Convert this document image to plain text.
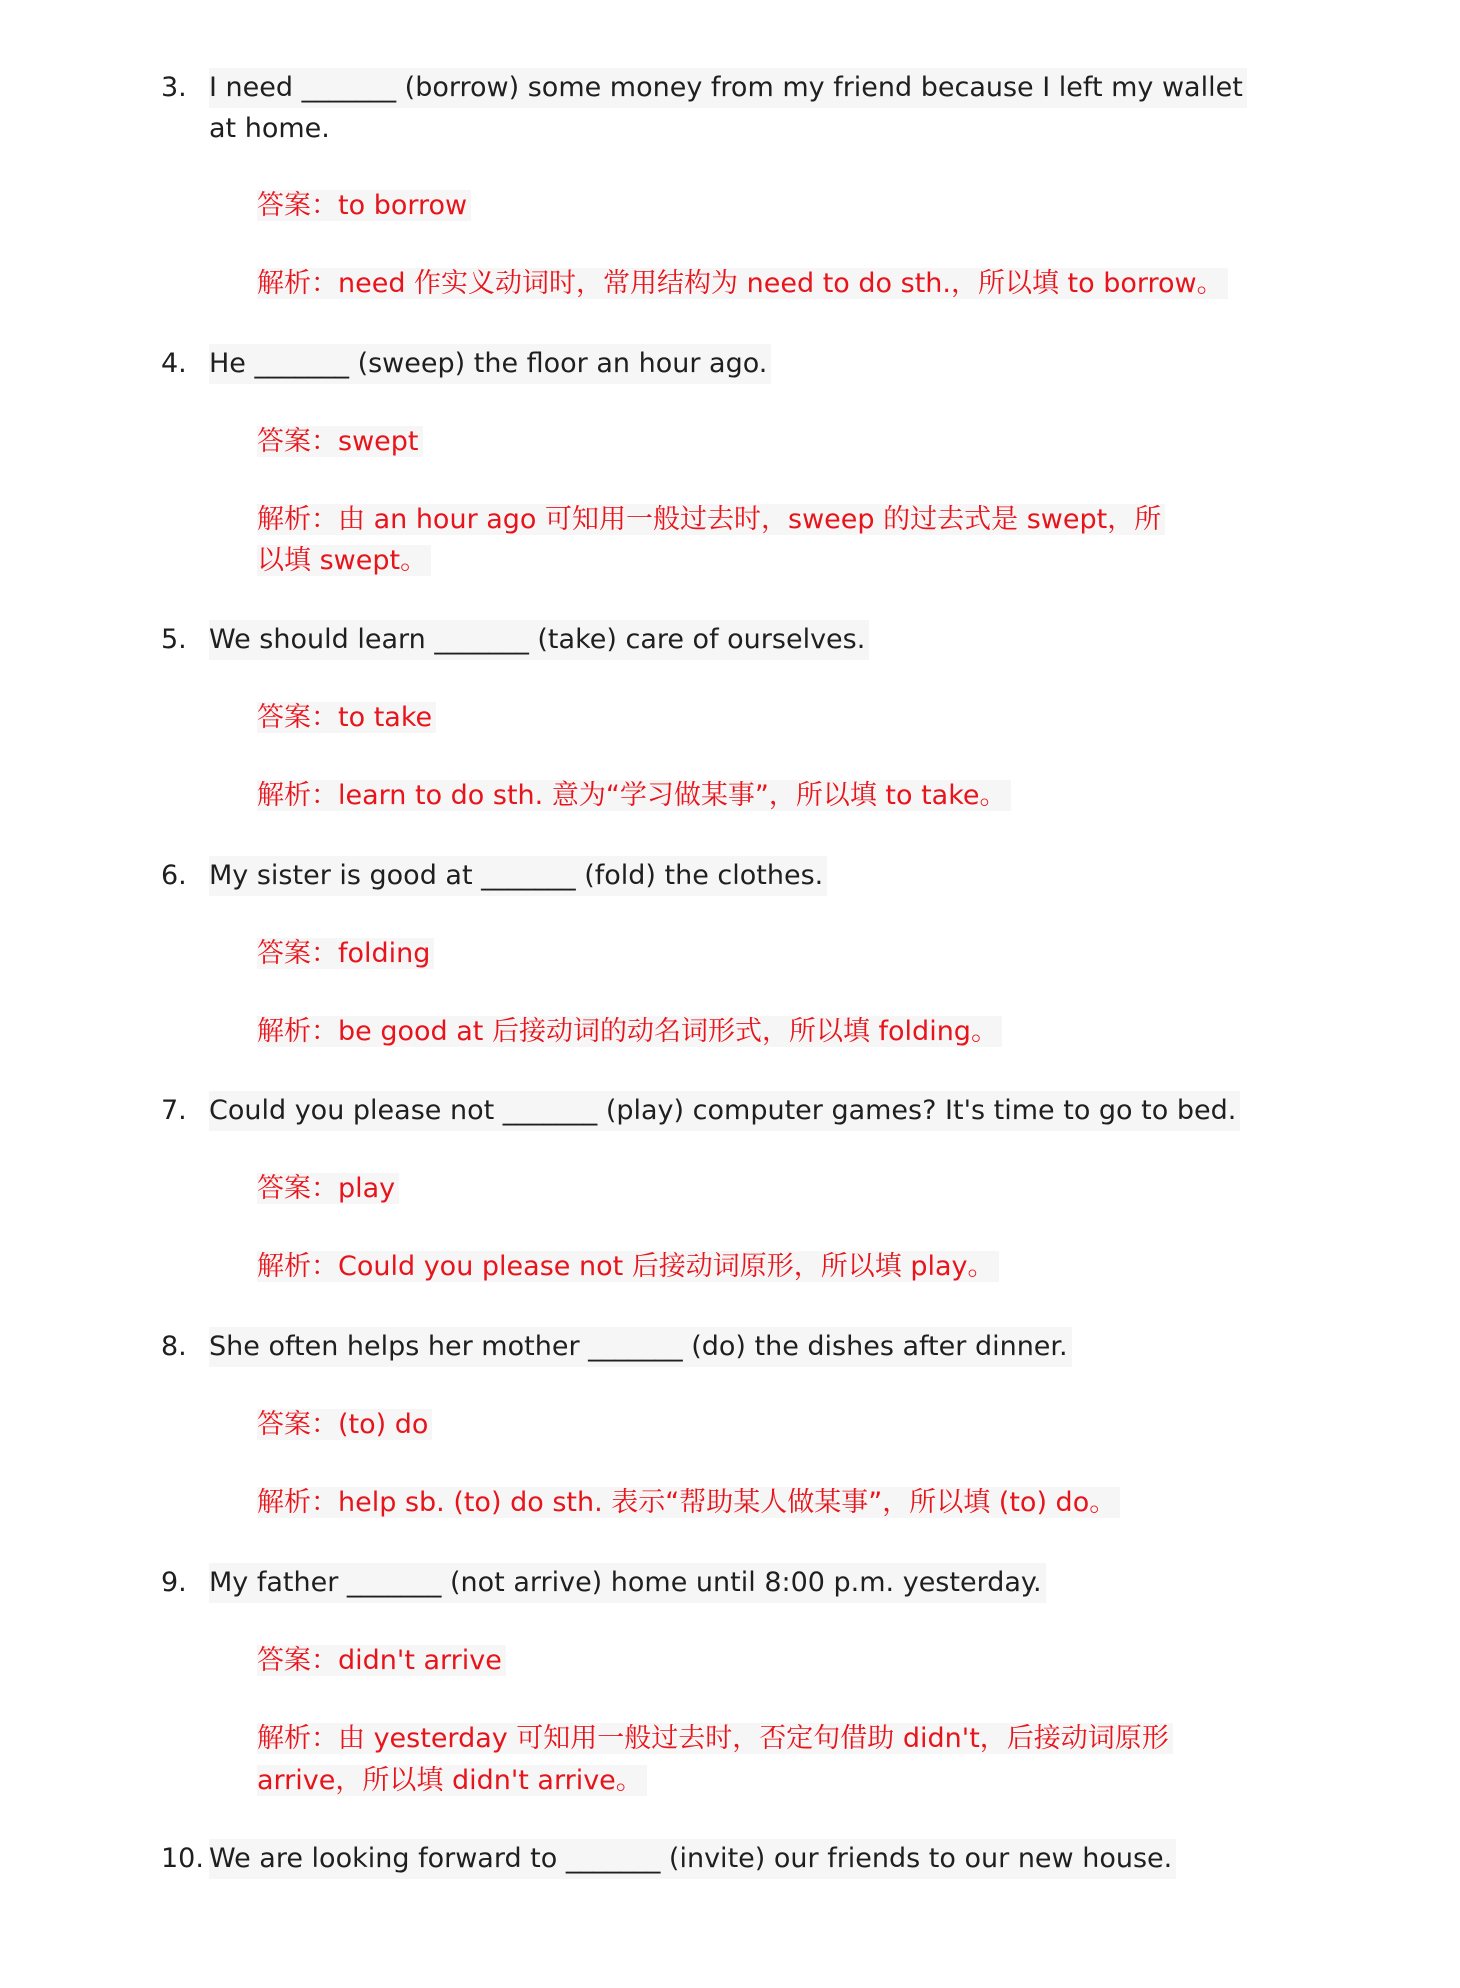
3. I need _______ (borrow) some money from my friend because I left my wallet
at home.
答案：to borrow
解析：need 作实义动词时，常用结构为 need to do sth.，所以填 to borrow。
4. He _______ (sweep) the floor an hour ago.
答案：swept
解析：由 an hour ago 可知用一般过去时，sweep 的过去式是 swept，所
以填 swept。
5. We should learn _______ (take) care of ourselves.
答案：to take
解析：learn to do sth. 意为“学习做某事”，所以填 to take。
6. My sister is good at _______ (fold) the clothes.
答案：folding
解析：be good at 后接动词的动名词形式，所以填 folding。
7. Could you please not _______ (play) computer games? It's time to go to bed.
答案：play
解析：Could you please not 后接动词原形，所以填 play。
8. She often helps her mother _______ (do) the dishes after dinner.
答案：(to) do
解析：help sb. (to) do sth. 表示“帮助某人做某事”，所以填 (to) do。
9. My father _______ (not arrive) home until 8:00 p.m. yesterday.
答案：didn't arrive
解析：由 yesterday 可知用一般过去时，否定句借助 didn't，后接动词原形
arrive，所以填 didn't arrive。
10. We are looking forward to _______ (invite) our friends to our new house.
